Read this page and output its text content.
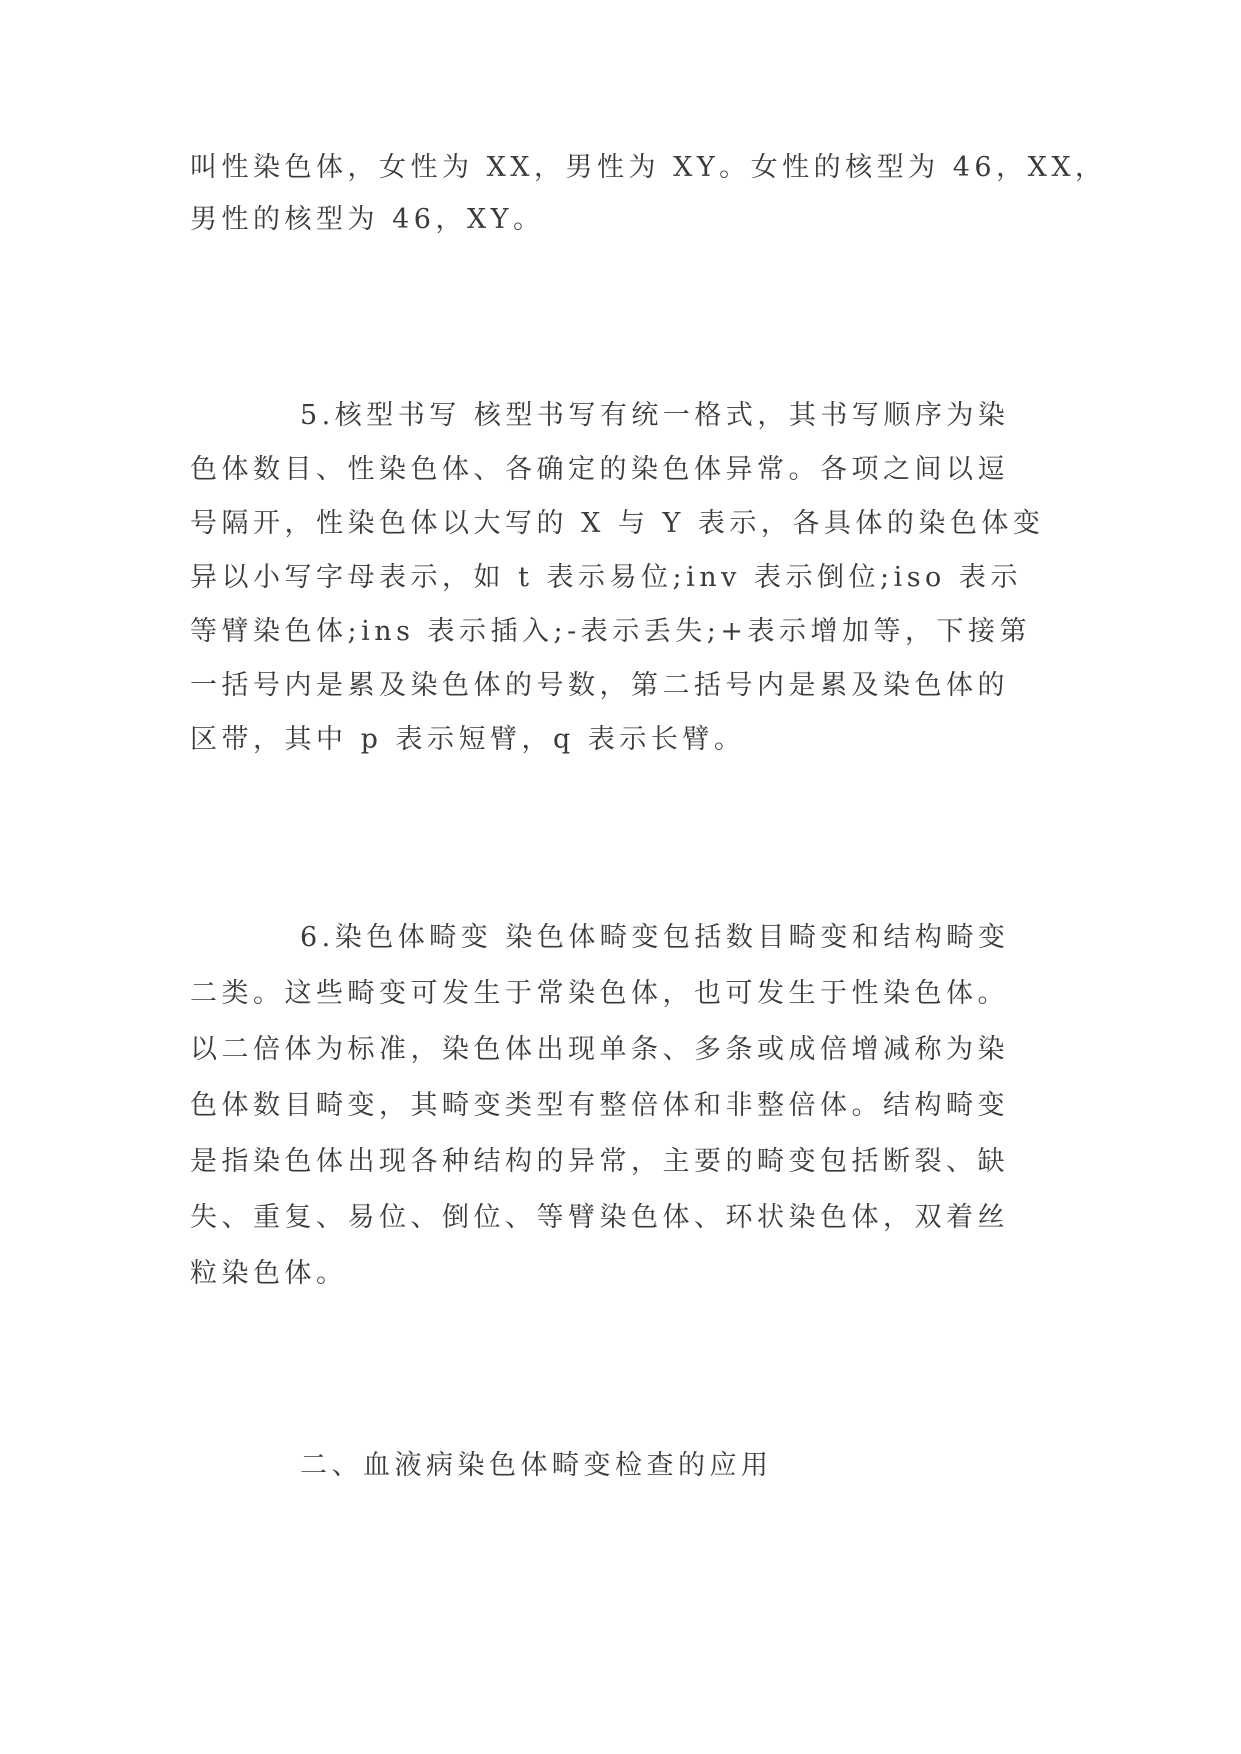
叫性染色体，女性为 XX，男性为 XY。女性的核型为 46，XX，
男性的核型为 46，XY。
5.核型书写 核型书写有统一格式，其书写顺序为染
色体数目、性染色体、各确定的染色体异常。各项之间以逗
号隔开，性染色体以大写的 X 与 Y 表示，各具体的染色体变
异以小写字母表示，如 t 表示易位;inv 表示倒位;iso 表示
等臂染色体;ins 表示插入;-表示丢失;+表示增加等，下接第
一括号内是累及染色体的号数，第二括号内是累及染色体的
区带，其中 p 表示短臂，q 表示长臂。
6.染色体畸变 染色体畸变包括数目畸变和结构畸变
二类。这些畸变可发生于常染色体，也可发生于性染色体。
以二倍体为标准，染色体出现单条、多条或成倍增减称为染
色体数目畸变，其畸变类型有整倍体和非整倍体。结构畸变
是指染色体出现各种结构的异常，主要的畸变包括断裂、缺
失、重复、易位、倒位、等臂染色体、环状染色体，双着丝
粒染色体。
二、血液病染色体畸变检查的应用
